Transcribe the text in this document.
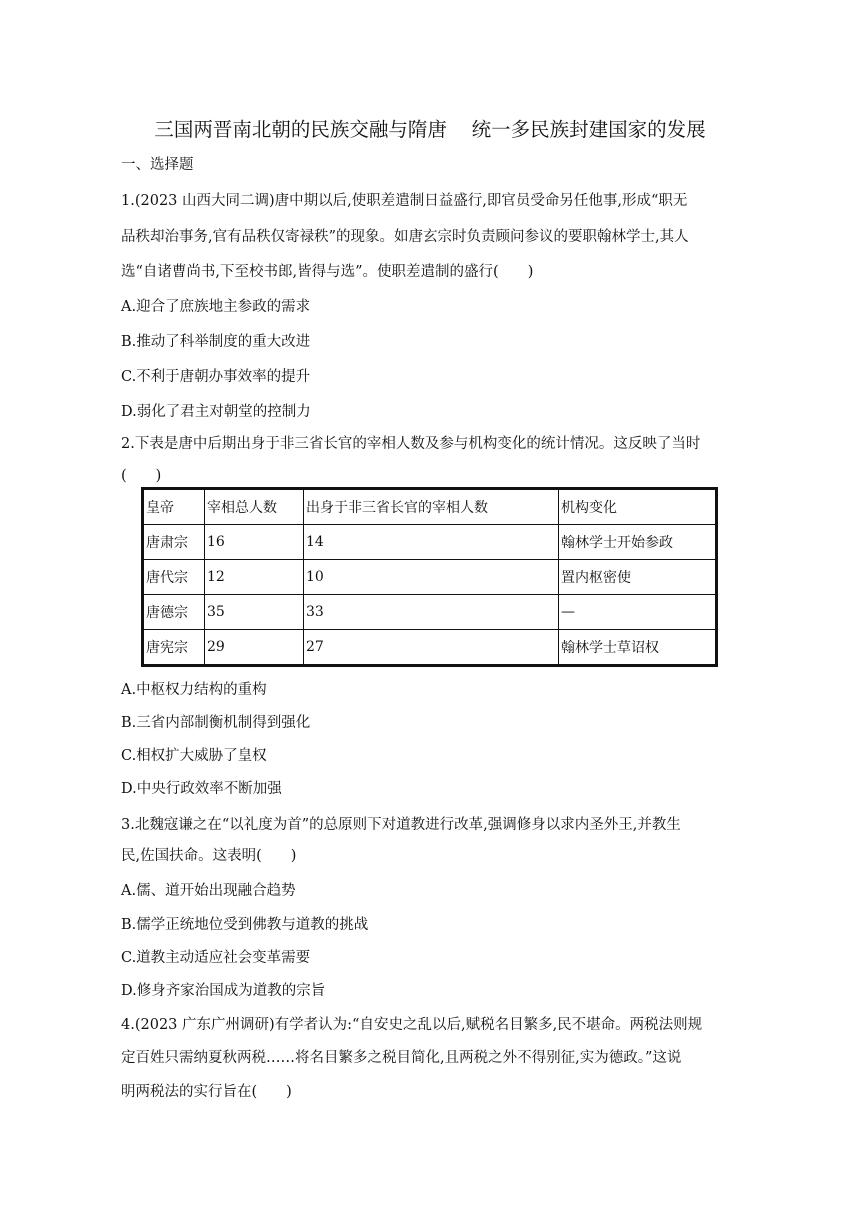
三国两晋南北朝的民族交融与隋唐    统一多民族封建国家的发展
一、选择题
1.(2023 山西大同二调)唐中期以后,使职差遣制日益盛行,即官员受命另任他事,形成“职无
品秩却治事务,官有品秩仅寄禄秩”的现象。如唐玄宗时负责顾问参议的要职翰林学士,其人
选“自诸曹尚书,下至校书郎,皆得与选”。使职差遣制的盛行(　　)
A.迎合了庶族地主参政的需求
B.推动了科举制度的重大改进
C.不利于唐朝办事效率的提升
D.弱化了君主对朝堂的控制力
2.下表是唐中后期出身于非三省长官的宰相人数及参与机构变化的统计情况。这反映了当时
(　　)
皇帝	宰相总人数	出身于非三省长官的宰相人数	机构变化
唐肃宗	16	14	翰林学士开始参政
唐代宗	12	10	置内枢密使
唐德宗	35	33	—
唐宪宗	29	27	翰林学士草诏权
A.中枢权力结构的重构
B.三省内部制衡机制得到强化
C.相权扩大威胁了皇权
D.中央行政效率不断加强
3.北魏寇谦之在“以礼度为首”的总原则下对道教进行改革,强调修身以求内圣外王,并教生
民,佐国扶命。这表明(　　)
A.儒、道开始出现融合趋势
B.儒学正统地位受到佛教与道教的挑战
C.道教主动适应社会变革需要
D.修身齐家治国成为道教的宗旨
4.(2023 广东广州调研)有学者认为:“自安史之乱以后,赋税名目繁多,民不堪命。两税法则规
定百姓只需纳夏秋两税……将名目繁多之税目简化,且两税之外不得别征,实为德政。”这说
明两税法的实行旨在(　　)
